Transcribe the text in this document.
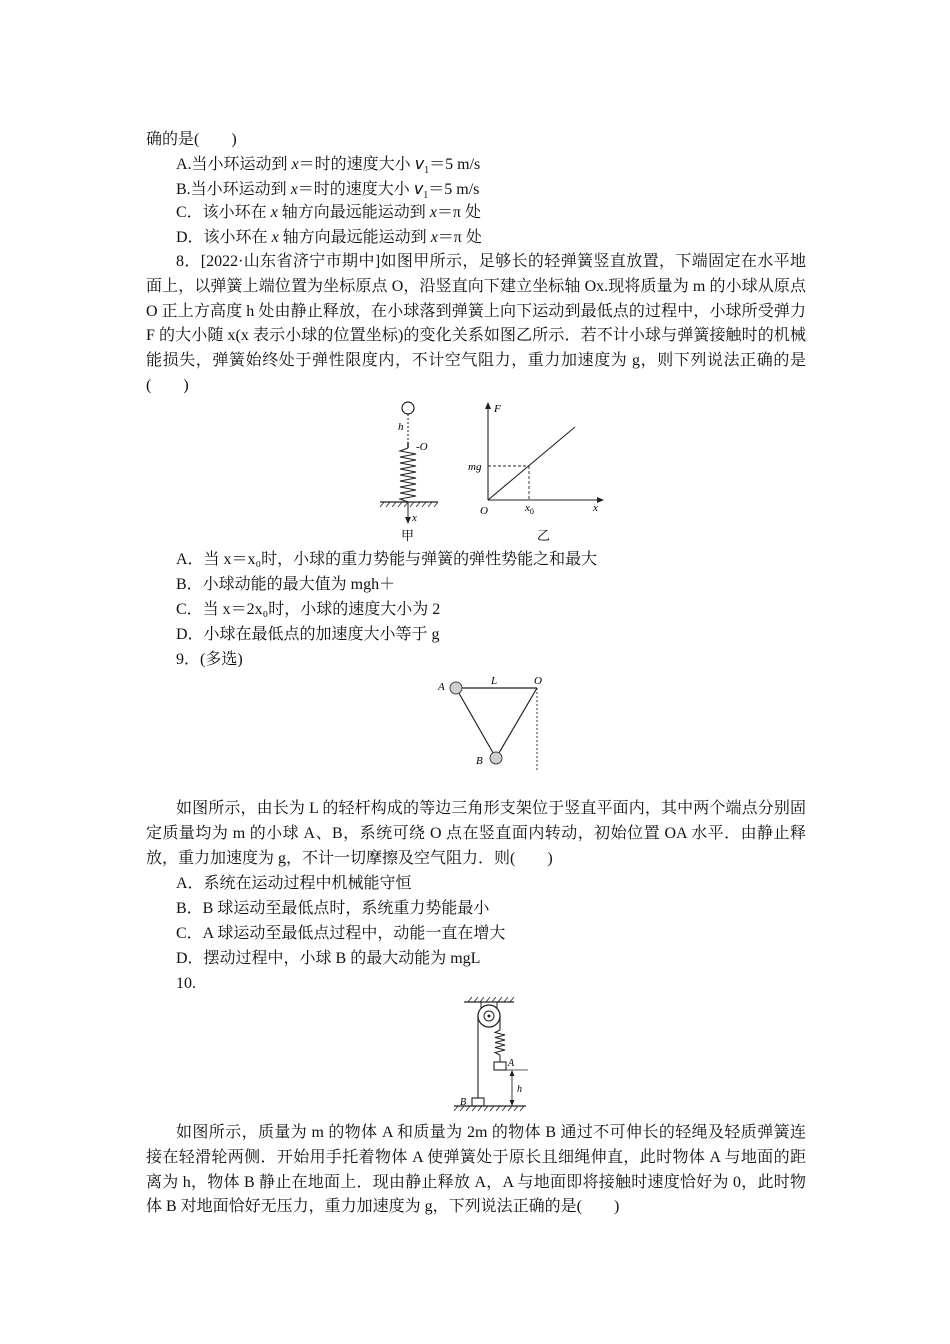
确的是(　　)
A.当小环运动到 x＝时的速度大小 $v_1=5$ m/s
B.当小环运动到 x＝时的速度大小 $v_1=5$ m/s
C．该小环在 x 轴方向最远能运动到 x＝π 处
D．该小环在 x 轴方向最远能运动到 x＝π 处
8．[2022·山东省济宁市期中]如图甲所示，足够长的轻弹簧竖直放置，下端固定在水平地面上，以弹簧上端位置为坐标原点 O，沿竖直向下建立坐标轴 Ox.现将质量为 m 的小球从原点 O 正上方高度 h 处由静止释放，在小球落到弹簧上向下运动到最低点的过程中，小球所受弹力 F 的大小随 x(x 表示小球的位置坐标)的变化关系如图乙所示．若不计小球与弹簧接触时的机械能损失，弹簧始终处于弹性限度内，不计空气阻力，重力加速度为 g，则下列说法正确的是(　　)
h
-O
x
甲
F
mg
O	$x_0$	x
乙
A．当 x＝x₀时，小球的重力势能与弹簧的弹性势能之和最大
B．小球动能的最大值为 mgh＋
C．当 x＝2x₀时，小球的速度大小为 2
D．小球在最低点的加速度大小等于 g
9．(多选)
A	L	O
B
如图所示，由长为 L 的轻杆构成的等边三角形支架位于竖直平面内，其中两个端点分别固定质量均为 m 的小球 A、B，系统可绕 O 点在竖直面内转动，初始位置 OA 水平．由静止释放，重力加速度为 g，不计一切摩擦及空气阻力．则(　　)
A．系统在运动过程中机械能守恒
B．B 球运动至最低点时，系统重力势能最小
C．A 球运动至最低点过程中，动能一直在增大
D．摆动过程中，小球 B 的最大动能为 mgL
10.
A
h
B
如图所示，质量为 m 的物体 A 和质量为 2m 的物体 B 通过不可伸长的轻绳及轻质弹簧连接在轻滑轮两侧．开始用手托着物体 A 使弹簧处于原长且细绳伸直，此时物体 A 与地面的距离为 h，物体 B 静止在地面上．现由静止释放 A，A 与地面即将接触时速度恰好为 0，此时物体 B 对地面恰好无压力，重力加速度为 g，下列说法正确的是(　　)
